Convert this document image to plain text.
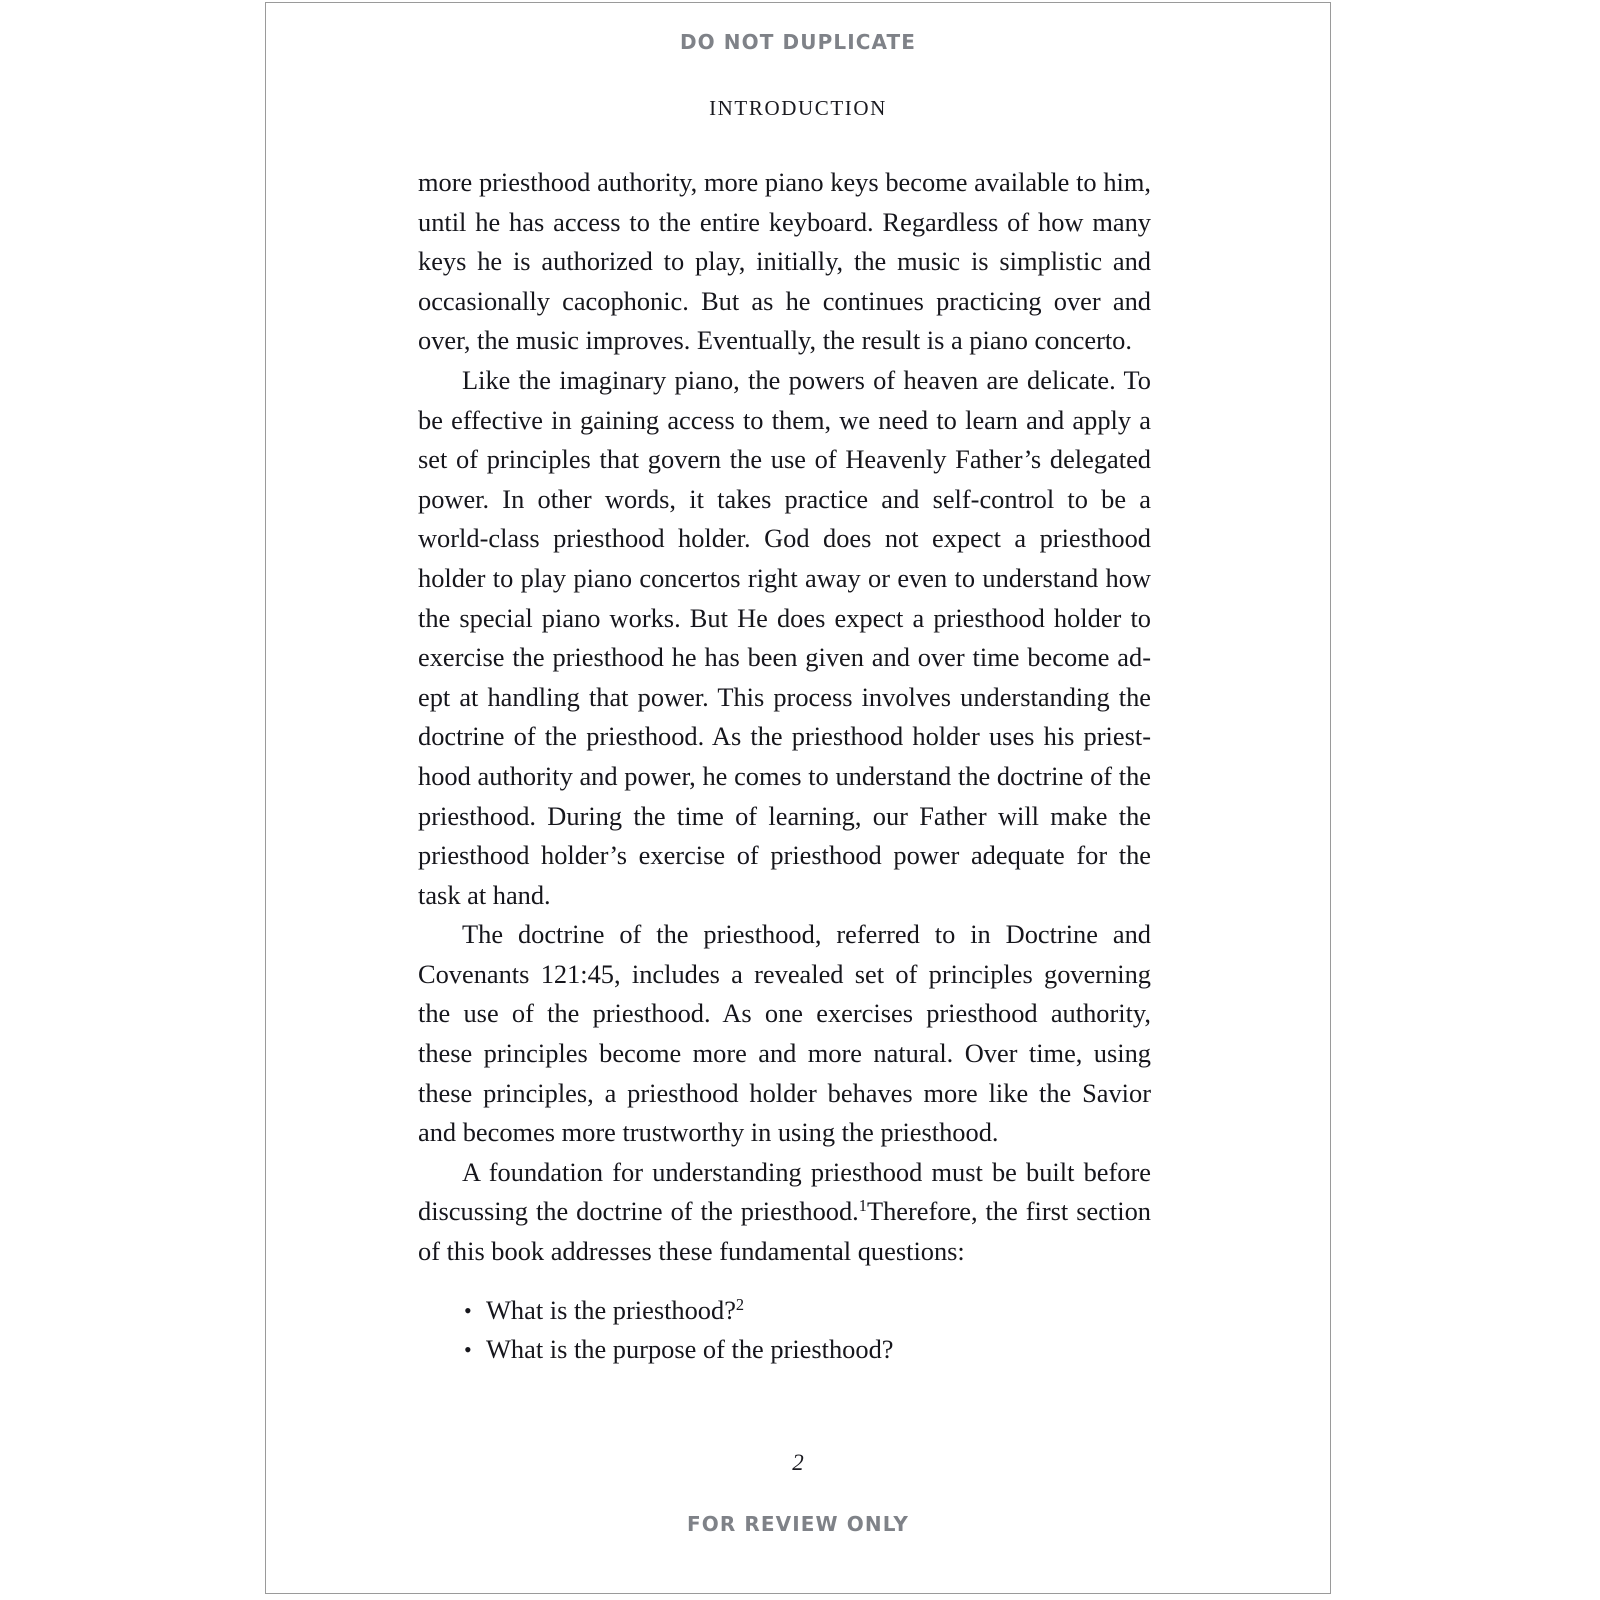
DO NOT DUPLICATE
INTRODUCTION

more priesthood authority, more piano keys become available to him, until he has access to the entire keyboard. Regardless of how many keys he is authorized to play, initially, the music is simplistic and occasionally cacophonic. But as he continues practicing over and over, the music improves. Eventually, the result is a piano concerto.

Like the imaginary piano, the powers of heaven are delicate. To be effective in gaining access to them, we need to learn and apply a set of principles that govern the use of Heavenly Father’s delegated power. In other words, it takes practice and self-control to be a world-class priesthood holder. God does not expect a priesthood holder to play piano concertos right away or even to understand how the special piano works. But He does expect a priesthood holder to exercise the priesthood he has been given and over time become adept at handling that power. This process involves understanding the doctrine of the priesthood. As the priesthood holder uses his priesthood authority and power, he comes to understand the doctrine of the priesthood. During the time of learning, our Father will make the priesthood holder’s exercise of priesthood power adequate for the task at hand.

The doctrine of the priesthood, referred to in Doctrine and Covenants 121:45, includes a revealed set of principles governing the use of the priesthood. As one exercises priesthood authority, these principles become more and more natural. Over time, using these principles, a priesthood holder behaves more like the Savior and becomes more trustworthy in using the priesthood.

A foundation for understanding priesthood must be built before discussing the doctrine of the priesthood.$^1$Therefore, the first section of this book addresses these fundamental questions:

• What is the priesthood?$^2$
• What is the purpose of the priesthood?
2
FOR REVIEW ONLY
